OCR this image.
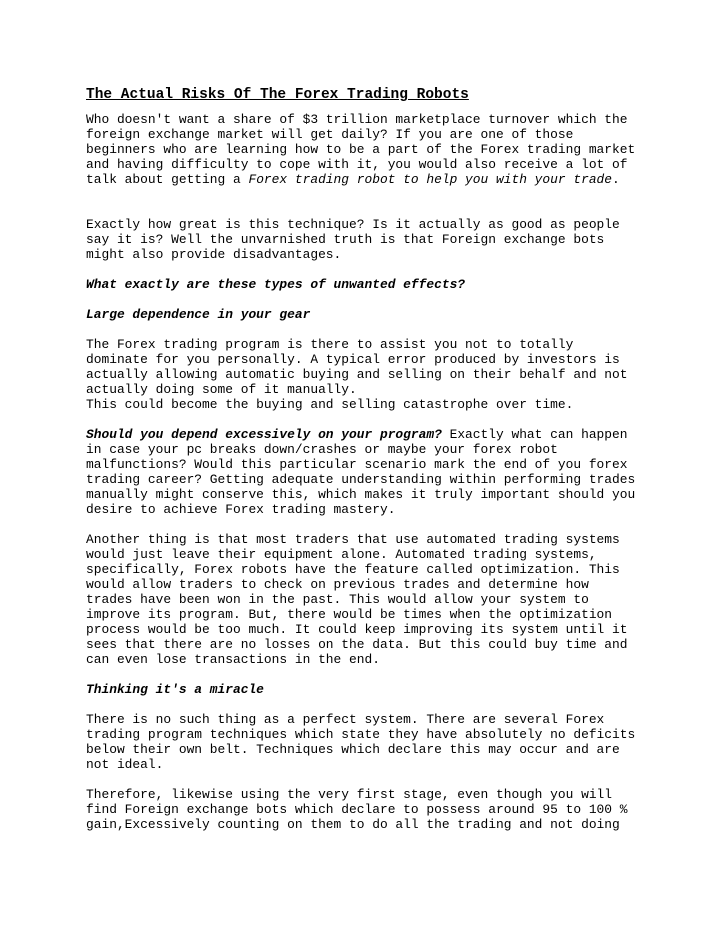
The Actual Risks Of The Forex Trading Robots

Who doesn't want a share of $3 trillion marketplace turnover which the foreign exchange market will get daily? If you are one of those beginners who are learning how to be a part of the Forex trading market and having difficulty to cope with it, you would also receive a lot of talk about getting a Forex trading robot to help you with your trade.

Exactly how great is this technique? Is it actually as good as people say it is? Well the unvarnished truth is that Foreign exchange bots might also provide disadvantages.

What exactly are these types of unwanted effects?

Large dependence in your gear

The Forex trading program is there to assist you not to totally dominate for you personally. A typical error produced by investors is actually allowing automatic buying and selling on their behalf and not actually doing some of it manually.

This could become the buying and selling catastrophe over time.

Should you depend excessively on your program? Exactly what can happen in case your pc breaks down/crashes or maybe your forex robot malfunctions? Would this particular scenario mark the end of you forex trading career? Getting adequate understanding within performing trades manually might conserve this, which makes it truly important should you desire to achieve Forex trading mastery.

Another thing is that most traders that use automated trading systems would just leave their equipment alone. Automated trading systems, specifically, Forex robots have the feature called optimization. This would allow traders to check on previous trades and determine how trades have been won in the past. This would allow your system to improve its program. But, there would be times when the optimization process would be too much. It could keep improving its system until it sees that there are no losses on the data. But this could buy time and can even lose transactions in the end.

Thinking it's a miracle

There is no such thing as a perfect system. There are several Forex trading program techniques which state they have absolutely no deficits below their own belt. Techniques which declare this may occur and are not ideal.

Therefore, likewise using the very first stage, even though you will find Foreign exchange bots which declare to possess around 95 to 100 % gain,Excessively counting on them to do all the trading and not doing
